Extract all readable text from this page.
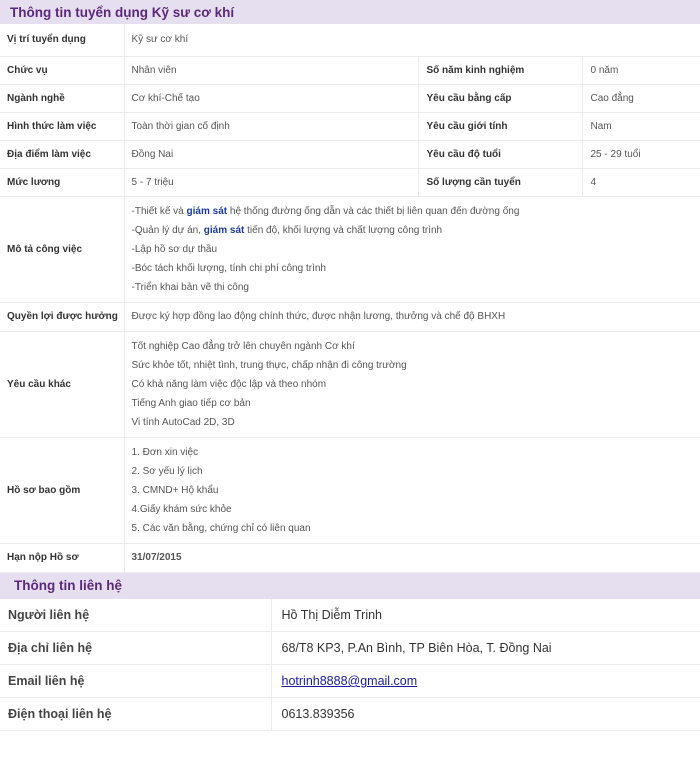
Thông tin tuyển dụng Kỹ sư cơ khí
Vị trí tuyển dụng	Kỹ sư cơ khí		
Chức vụ	Nhân viên	Số năm kinh nghiệm	0 năm
Ngành nghề	Cơ khí-Chế tạo	Yêu cầu bằng cấp	Cao đẳng
Hình thức làm việc	Toàn thời gian cố định	Yêu cầu giới tính	Nam
Địa điểm làm việc	Đồng Nai	Yêu cầu độ tuổi	25 - 29 tuổi
Mức lương	5 - 7 triệu	Số lượng cần tuyển	4
Mô tả công việc	-Thiết kế và giám sát hệ thống đường ống dẫn và các thiết bị liên quan đến đường ống
-Quản lý dự án, giám sát tiến độ, khối lượng và chất lượng công trình
-Lập hồ sơ dự thầu
-Bóc tách khối lượng, tính chi phí công trình
-Triển khai bản vẽ thi công		

Quyền lợi được hưởng	Được ký hợp đồng lao động chính thức, được nhận lương, thưởng và chế độ BHXH		
Yêu cầu khác	Tốt nghiệp Cao đẳng trở lên chuyên ngành Cơ khí
Sức khỏe tốt, nhiệt tình, trung thực, chấp nhận đi công trường
Có khả năng làm việc độc lập và theo nhóm
Tiếng Anh giao tiếp cơ bản
Vi tính AutoCad 2D, 3D		

Hồ sơ bao gồm	1. Đơn xin việc
2. Sơ yếu lý lịch
3. CMND+ Hộ khẩu
4.Giấy khám sức khỏe
5. Các văn bằng, chứng chỉ có liên quan		

Hạn nộp Hồ sơ	31/07/2015		
Thông tin liên hệ
Người liên hệ	Hồ Thị Diễm Trinh
Địa chỉ liên hệ	68/T8 KP3, P.An Bình, TP Biên Hòa, T. Đồng Nai
Email liên hệ	hotrinh8888@gmail.com
Điện thoại liên hệ	0613.839356
